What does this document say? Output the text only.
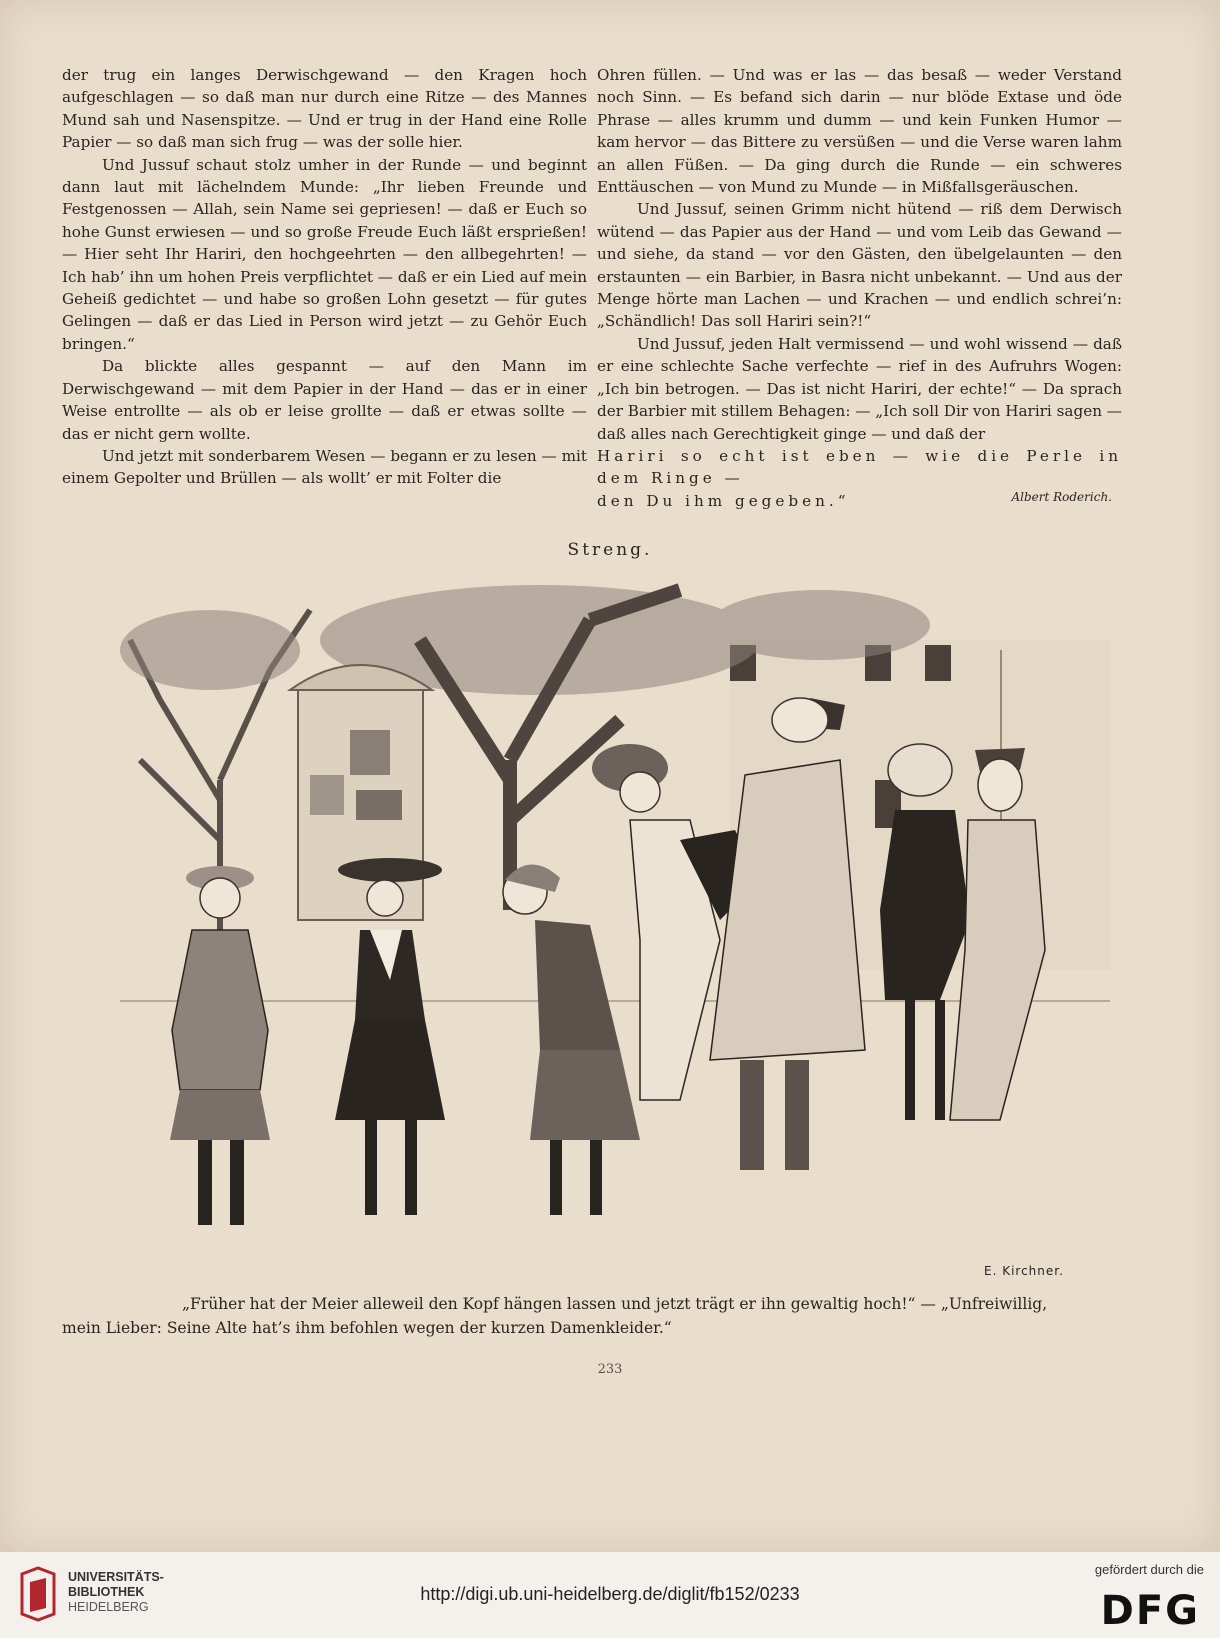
der trug ein langes Derwischgewand — den Kragen hoch aufgeschlagen — so daß man nur durch eine Ritze — des Mannes Mund sah und Nasenspitze. — Und er trug in der Hand eine Rolle Papier — so daß man sich frug — was der solle hier.

Und Jussuf schaut stolz umher in der Runde — und beginnt dann laut mit lächelndem Munde: „Ihr lieben Freunde und Festgenossen — Allah, sein Name sei gepriesen! — daß er Euch so hohe Gunst erwiesen — und so große Freude Euch läßt ersprießen! — Hier seht Ihr Hariri, den hochgeehrten — den allbegehrten! — Ich hab’ ihn um hohen Preis verpflichtet — daß er ein Lied auf mein Geheiß gedichtet — und habe so großen Lohn gesetzt — für gutes Gelingen — daß er das Lied in Person wird jetzt — zu Gehör Euch bringen.“

Da blickte alles gespannt — auf den Mann im Derwischgewand — mit dem Papier in der Hand — das er in einer Weise entrollte — als ob er leise grollte — daß er etwas sollte — das er nicht gern wollte.

Und jetzt mit sonderbarem Wesen — begann er zu lesen — mit einem Gepolter und Brüllen — als wollt’ er mit Folter die

Ohren füllen. — Und was er las — das besaß — weder Verstand noch Sinn. — Es befand sich darin — nur blöde Extase und öde Phrase — alles krumm und dumm — und kein Funken Humor — kam hervor — das Bittere zu versüßen — und die Verse waren lahm an allen Füßen. — Da ging durch die Runde — ein schweres Enttäuschen — von Mund zu Munde — in Mißfallsgeräuschen.

Und Jussuf, seinen Grimm nicht hütend — riß dem Derwisch wütend — das Papier aus der Hand — und vom Leib das Gewand — und siehe, da stand — vor den Gästen, den übelgelaunten — den erstaunten — ein Barbier, in Basra nicht unbekannt. — Und aus der Menge hörte man Lachen — und Krachen — und endlich schrei’n: „Schändlich! Das soll Hariri sein?!“

Und Jussuf, jeden Halt vermissend — und wohl wissend — daß er eine schlechte Sache verfechte — rief in des Aufruhrs Wogen: „Ich bin betrogen. — Das ist nicht Hariri, der echte!“ — Da sprach der Barbier mit stillem Behagen: — „Ich soll Dir von Hariri sagen — daß alles nach Gerechtigkeit ginge — und daß der

Hariri so echt ist eben — wie die Perle in dem Ringe —

den Du ihm gegeben.“	Albert Roderich.
Streng.
E. Kirchner.
„Früher hat der Meier alleweil den Kopf hängen lassen und jetzt trägt er ihn gewaltig hoch!“ — „Unfreiwillig,
mein Lieber: Seine Alte hat’s ihm befohlen wegen der kurzen Damenkleider.“
233
UNIVERSITÄTS-
BIBLIOTHEK
HEIDELBERG
http://digi.ub.uni-heidelberg.de/diglit/fb152/0233
gefördert durch die
DFG
